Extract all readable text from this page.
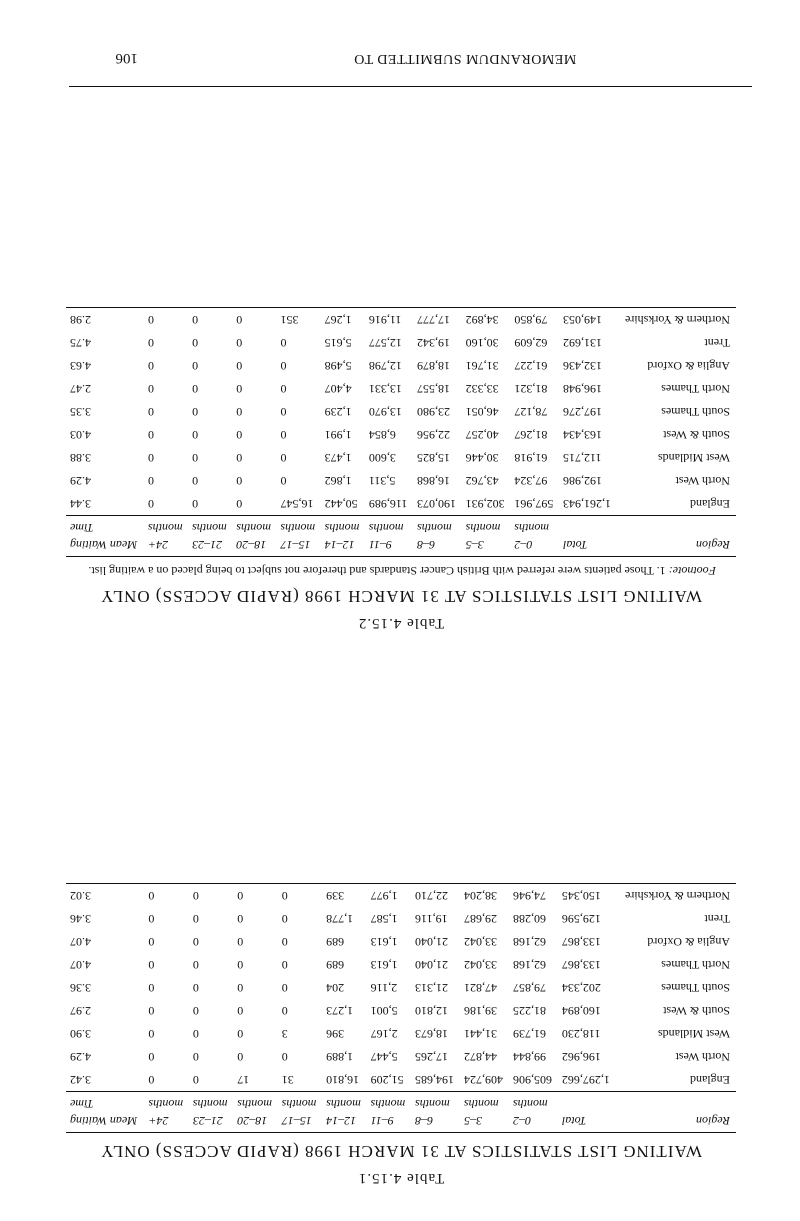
106	MEMORANDUM SUBMITTED TO
Table 4.15.1
WAITING LIST STATISTICS AT 31 MARCH 1998 (RAPID ACCESS) ONLY
Region	Total	0–2	3–5	6–8	9–11	12–14	15–17	18–20	21–23	24+	Mean Waiting
		months	months	months	months	months	months	months	months	months	Time
England	1,297,662	605,906	409,724	194,685	51,209	16,810	31	17	0	0	3.42
North West	196,962	99,844	44,872	17,265	5,447	1,889	0	0	0	0	4.29
West Midlands	118,230	61,739	31,441	18,673	2,167	396	3	0	0	0	3.90
South & West	160,894	81,225	39,186	12,810	5,001	1,273	0	0	0	0	2.97
South Thames	202,334	79,857	47,821	21,313	2,116	204	0	0	0	0	3.36
North Thames	133,867	62,168	33,042	21,040	1,613	689	0	0	0	0	4.07
Anglia & Oxford	133,867	62,168	33,042	21,040	1,613	689	0	0	0	0	4.07
Trent	129,596	60,288	29,687	19,116	1,587	1,778	0	0	0	0	3.46
Northern & Yorkshire	150,345	74,946	38,204	22,710	1,977	339	0	0	0	0	3.02
Table 4.15.2
WAITING LIST STATISTICS AT 31 MARCH 1998 (RAPID ACCESS) ONLY
Footnote: 1. Those patients were referred with British Cancer Standards and therefore not subject to being placed on a waiting list.
Region	Total	0–2	3–5	6–8	9–11	12–14	15–17	18–20	21–23	24+	Mean Waiting
		months	months	months	months	months	months	months	months	months	Time
England	1,261,943	597,961	302,931	190,073	116,989	50,442	16,547	0	0	0	3.44
North West	192,986	97,324	43,762	16,868	5,311	1,862	0	0	0	0	4.29
West Midlands	112,715	61,918	30,446	15,825	3,600	1,473	0	0	0	0	3.88
South & West	163,434	81,267	40,257	22,956	6,854	1,991	0	0	0	0	4.03
South Thames	197,276	78,127	46,051	23,980	13,970	1,239	0	0	0	0	3.35
North Thames	196,948	81,321	33,332	18,557	13,331	4,407	0	0	0	0	2.47
Anglia & Oxford	132,436	61,227	31,761	18,879	12,798	5,498	0	0	0	0	4.63
Trent	131,692	62,609	30,160	19,342	12,577	5,615	0	0	0	0	4.75
Northern & Yorkshire	149,053	79,850	34,892	17,777	11,916	1,267	351	0	0	0	2.98
